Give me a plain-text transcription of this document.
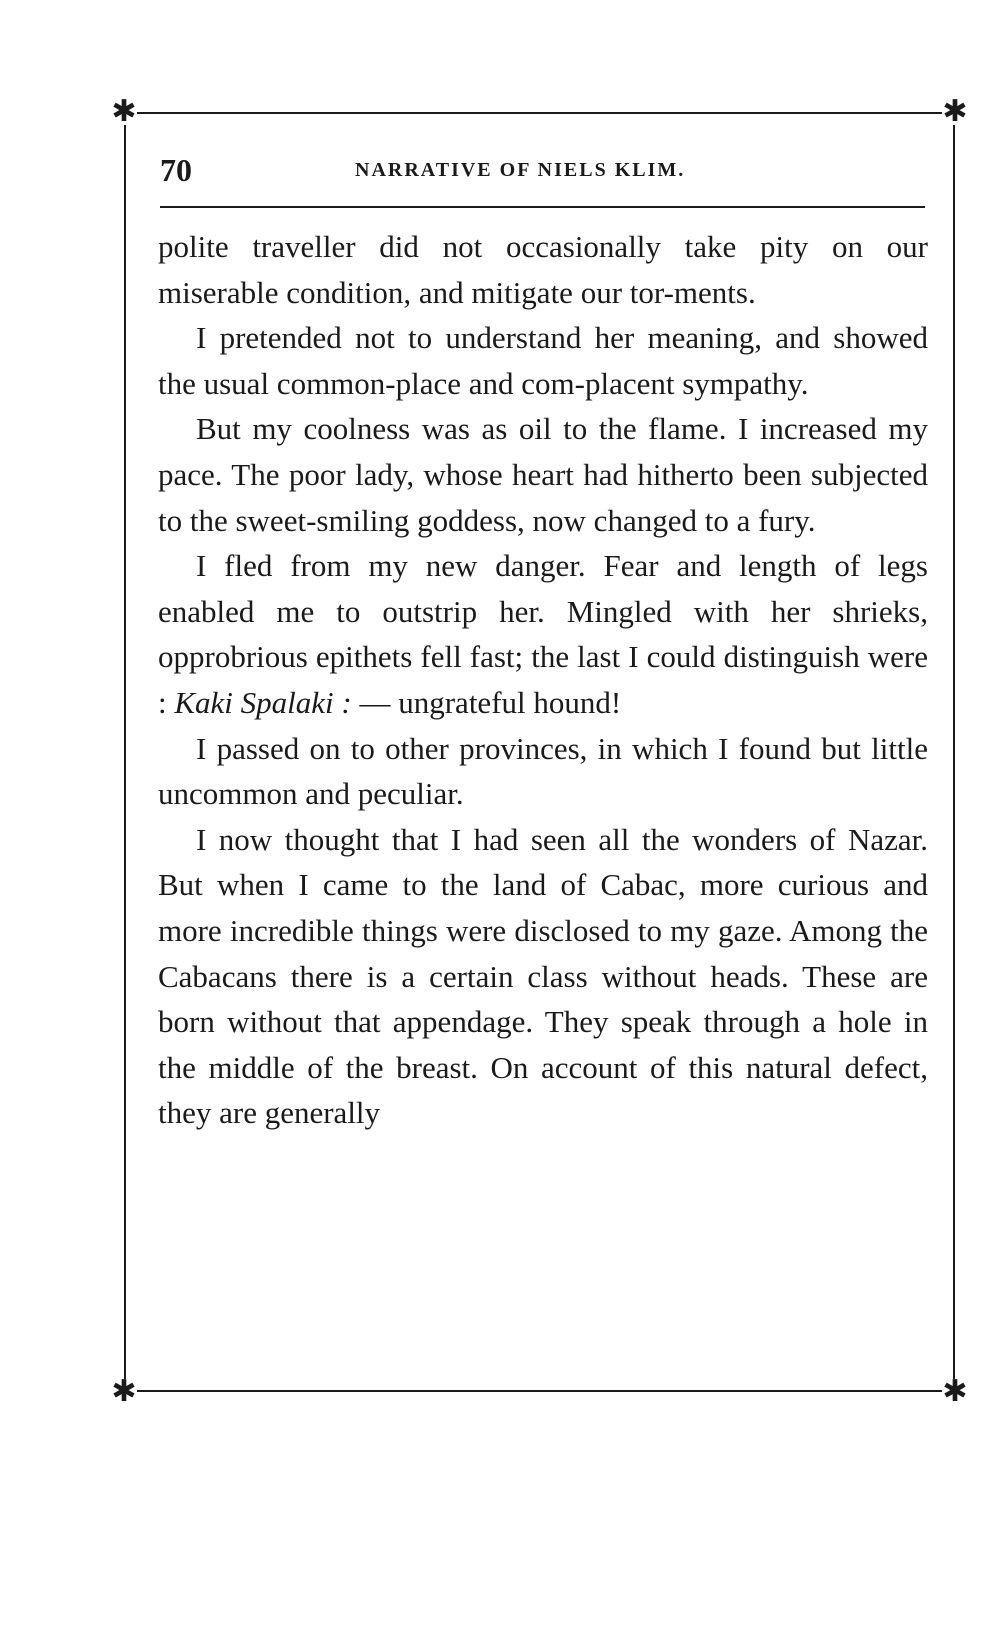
✱	✱
✱	✱
70	NARRATIVE OF NIELS KLIM.

polite traveller did not occasionally take pity on our miserable condition, and mitigate our tor-ments.

I pretended not to understand her meaning, and showed the usual common-place and com-placent sympathy.

But my coolness was as oil to the flame. I increased my pace. The poor lady, whose heart had hitherto been subjected to the sweet-smiling goddess, now changed to a fury.

I fled from my new danger. Fear and length of legs enabled me to outstrip her. Mingled with her shrieks, opprobrious epithets fell fast; the last I could distinguish were : Kaki Spalaki : — ungrateful hound!

I passed on to other provinces, in which I found but little uncommon and peculiar.

I now thought that I had seen all the wonders of Nazar. But when I came to the land of Cabac, more curious and more incredible things were disclosed to my gaze. Among the Cabacans there is a certain class without heads. These are born without that appendage. They speak through a hole in the middle of the breast. On account of this natural defect, they are generally
